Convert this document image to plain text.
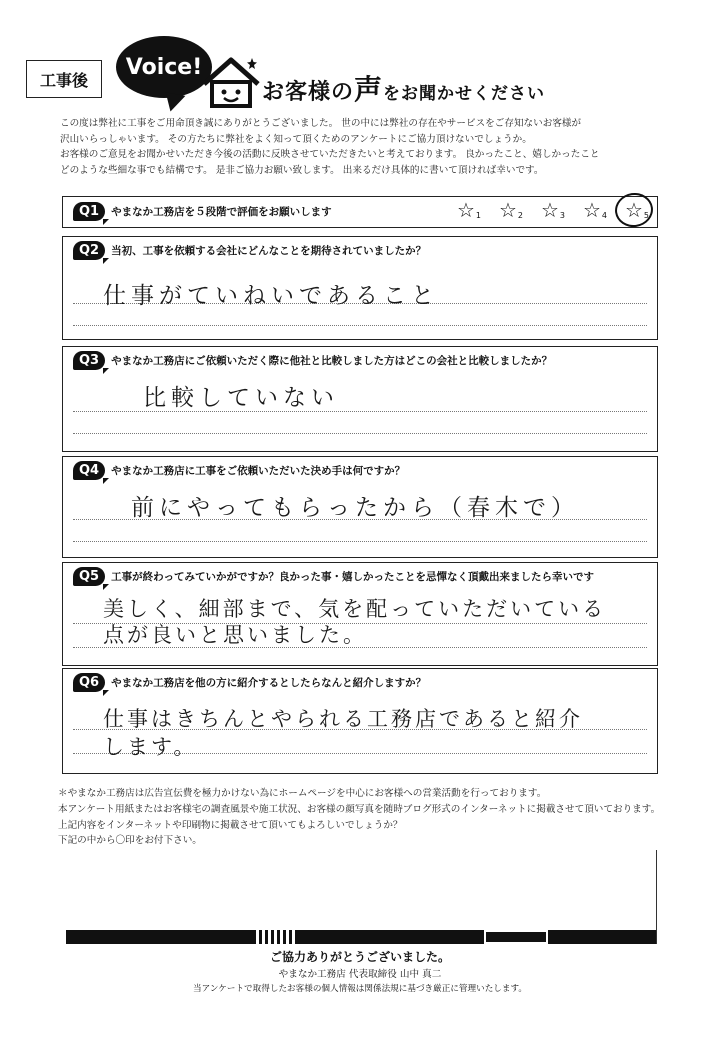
工事後
Voice!
お客様の声をお聞かせください
この度は弊社に工事をご用命頂き誠にありがとうございました。 世の中には弊社の存在やサービスをご存知ないお客様が
沢山いらっしゃいます。 その方たちに弊社をよく知って頂くためのアンケートにご協力頂けないでしょうか。
お客様のご意見をお聞かせいただき今後の活動に反映させていただきたいと考えております。 良かったこと、嬉しかったこと
どのような些細な事でも結構です。 是非ご協力お願い致します。 出来るだけ具体的に書いて頂ければ幸いです。
Q1	やまなか工務店を５段階で評価をお願いします	☆ 1 ☆ 2 ☆ 3 ☆ 4 ☆ 5
Q2	当初、工事を依頼する会社にどんなことを期待されていましたか？
仕事がていねいであること
Q3	やまなか工務店にご依頼いただく際に他社と比較しました方はどこの会社と比較しましたか？
比較していない
Q4	やまなか工務店に工事をご依頼いただいた決め手は何ですか？
前にやってもらったから（春木で）
Q5	工事が終わってみていかがですか？良かった事・嬉しかったことを忌憚なく頂戴出来ましたら幸いです
美しく、細部まで、気を配っていただいている
点が良いと思いました。
Q6	やまなか工務店を他の方に紹介するとしたらなんと紹介しますか？
仕事はきちんとやられる工務店であると紹介
します。
＊やまなか工務店は広告宣伝費を極力かけない為にホームページを中心にお客様への営業活動を行っております。
本アンケート用紙またはお客様宅の調査風景や施工状況、お客様の顔写真を随時ブログ形式のインターネットに掲載させて頂いております。
上記内容をインターネットや印刷物に掲載させて頂いてもよろしいでしょうか？
下記の中から〇印をお付下さい。
ご協力ありがとうございました。
やまなか工務店 代表取締役 山中 真二
当アンケートで取得したお客様の個人情報は関係法規に基づき厳正に管理いたします。
